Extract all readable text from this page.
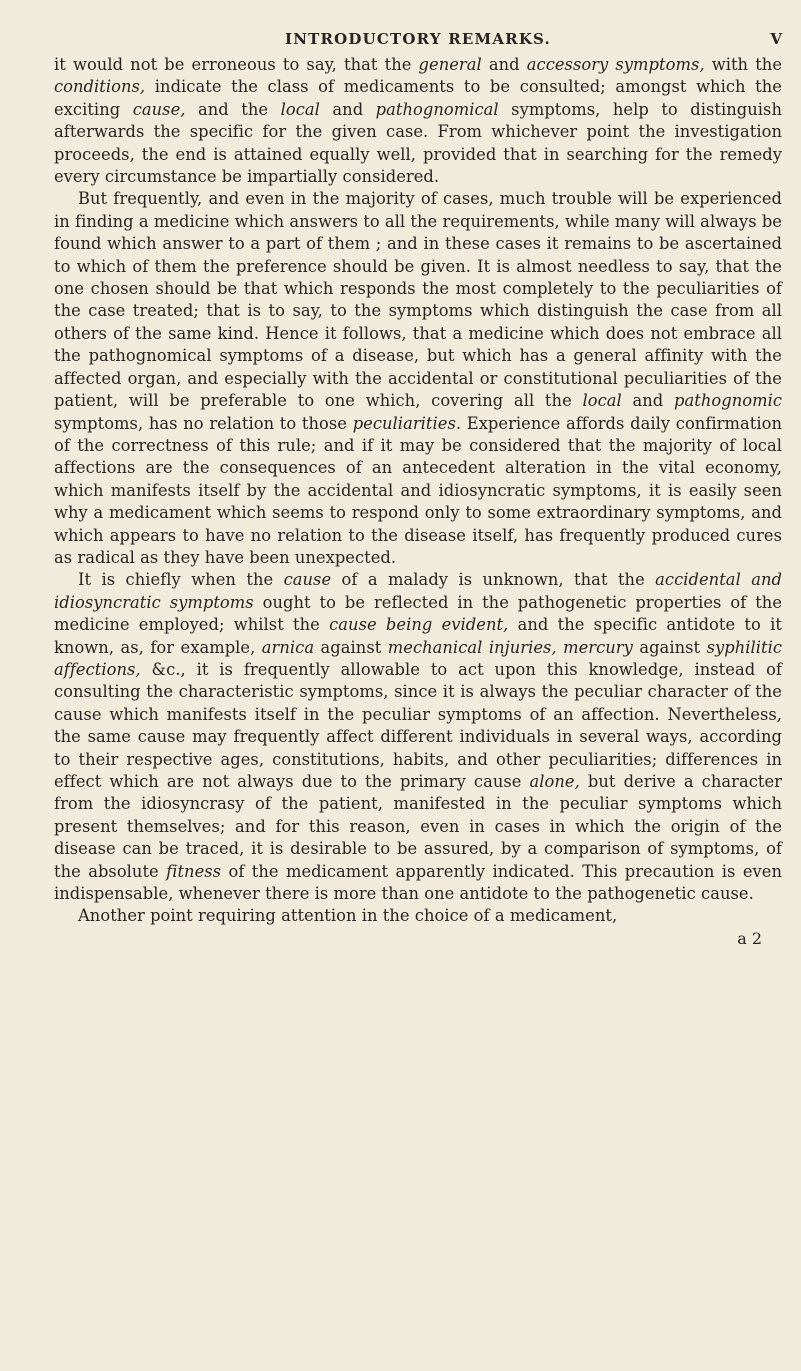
INTRODUCTORY REMARKS.	V

it would not be erroneous to say, that the general and accessory symptoms, with the conditions, indicate the class of medicaments to be consulted; amongst which the exciting cause, and the local and pathognomical symptoms, help to distinguish afterwards the specific for the given case. From whichever point the investigation proceeds, the end is attained equally well, provided that in searching for the remedy every circumstance be impartially considered.

But frequently, and even in the majority of cases, much trouble will be experienced in finding a medicine which answers to all the requirements, while many will always be found which answer to a part of them ; and in these cases it remains to be ascertained to which of them the preference should be given. It is almost needless to say, that the one chosen should be that which responds the most completely to the peculiarities of the case treated; that is to say, to the symptoms which distinguish the case from all others of the same kind. Hence it follows, that a medicine which does not embrace all the pathognomical symptoms of a disease, but which has a general affinity with the affected organ, and especially with the accidental or constitutional peculiarities of the patient, will be preferable to one which, covering all the local and pathognomic symptoms, has no relation to those peculiarities. Experience affords daily confirmation of the correctness of this rule; and if it may be considered that the majority of local affections are the consequences of an antecedent alteration in the vital economy, which manifests itself by the accidental and idiosyncratic symptoms, it is easily seen why a medicament which seems to respond only to some extraordinary symptoms, and which appears to have no relation to the disease itself, has frequently produced cures as radical as they have been unexpected.

It is chiefly when the cause of a malady is unknown, that the accidental and idiosyncratic symptoms ought to be reflected in the pathogenetic properties of the medicine employed; whilst the cause being evident, and the specific antidote to it known, as, for example, arnica against mechanical injuries, mercury against syphilitic affections, &c., it is frequently allowable to act upon this knowledge, instead of consulting the characteristic symptoms, since it is always the peculiar character of the cause which manifests itself in the peculiar symptoms of an affection. Nevertheless, the same cause may frequently affect different individuals in several ways, according to their respective ages, constitutions, habits, and other peculiarities; differences in effect which are not always due to the primary cause alone, but derive a character from the idiosyncrasy of the patient, manifested in the peculiar symptoms which present themselves; and for this reason, even in cases in which the origin of the disease can be traced, it is desirable to be assured, by a comparison of symptoms, of the absolute fitness of the medicament apparently indicated. This precaution is even indispensable, whenever there is more than one antidote to the pathogenetic cause.

Another point requiring attention in the choice of a medicament,

a 2
